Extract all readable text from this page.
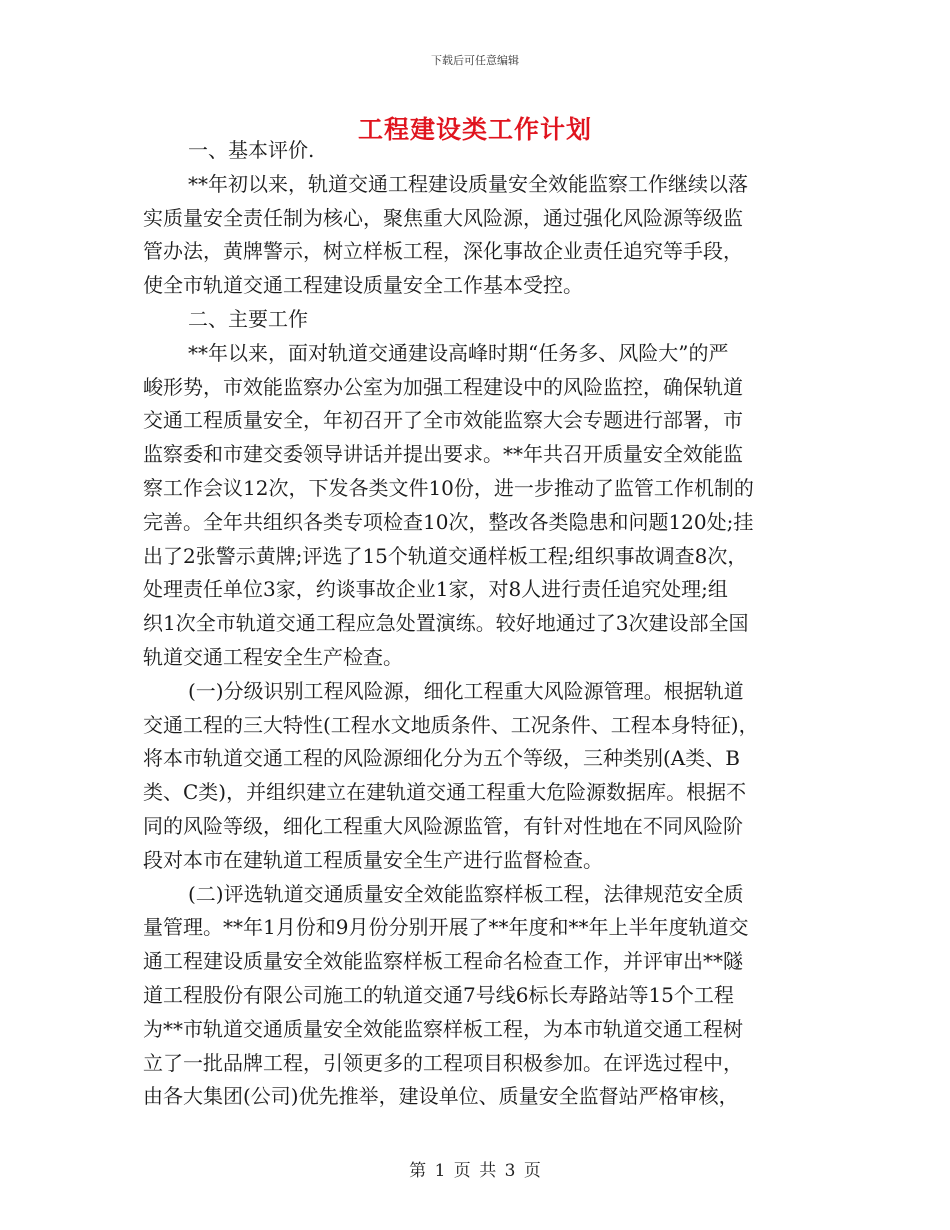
下载后可任意编辑
工程建设类工作计划
一、基本评价.
**年初以来，轨道交通工程建设质量安全效能监察工作继续以落
实质量安全责任制为核心，聚焦重大风险源，通过强化风险源等级监
管办法，黄牌警示，树立样板工程，深化事故企业责任追究等手段，
使全市轨道交通工程建设质量安全工作基本受控。
二、主要工作
**年以来，面对轨道交通建设高峰时期“任务多、风险大”的严
峻形势，市效能监察办公室为加强工程建设中的风险监控，确保轨道
交通工程质量安全，年初召开了全市效能监察大会专题进行部署，市
监察委和市建交委领导讲话并提出要求。**年共召开质量安全效能监
察工作会议12次，下发各类文件10份，进一步推动了监管工作机制的
完善。全年共组织各类专项检查10次，整改各类隐患和问题120处;挂
出了2张警示黄牌;评选了15个轨道交通样板工程;组织事故调查8次，
处理责任单位3家，约谈事故企业1家，对8人进行责任追究处理;组
织1次全市轨道交通工程应急处置演练。较好地通过了3次建设部全国
轨道交通工程安全生产检查。
(一)分级识别工程风险源，细化工程重大风险源管理。根据轨道
交通工程的三大特性(工程水文地质条件、工况条件、工程本身特征)，
将本市轨道交通工程的风险源细化分为五个等级，三种类别(A类、B
类、C类)，并组织建立在建轨道交通工程重大危险源数据库。根据不
同的风险等级，细化工程重大风险源监管，有针对性地在不同风险阶
段对本市在建轨道工程质量安全生产进行监督检查。
(二)评选轨道交通质量安全效能监察样板工程，法律规范安全质
量管理。**年1月份和9月份分别开展了**年度和**年上半年度轨道交
通工程建设质量安全效能监察样板工程命名检查工作，并评审出**隧
道工程股份有限公司施工的轨道交通7号线6标长寿路站等15个工程
为**市轨道交通质量安全效能监察样板工程，为本市轨道交通工程树
立了一批品牌工程，引领更多的工程项目积极参加。在评选过程中，
由各大集团(公司)优先推举，建设单位、质量安全监督站严格审核，
第 1 页 共 3 页
